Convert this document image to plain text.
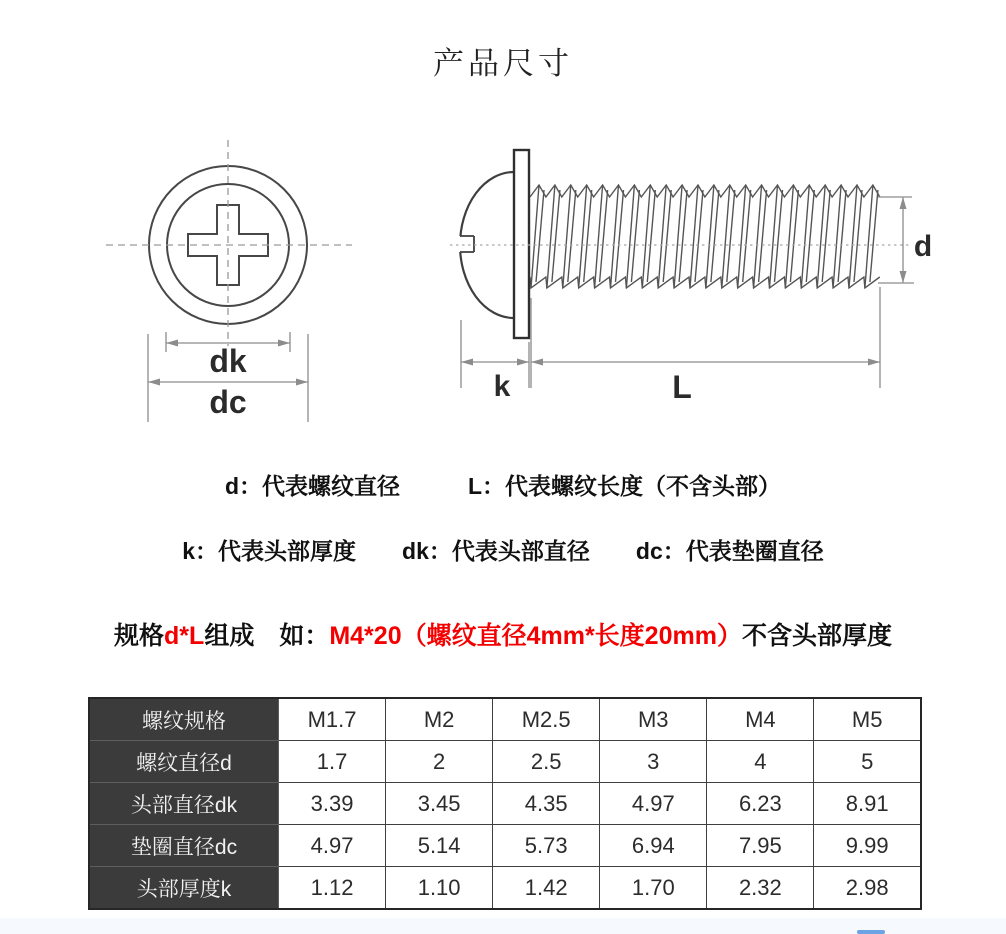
产品尺寸
dk
dc	k	L
d
d：代表螺纹直径	L：代表螺纹长度（不含头部）
k：代表头部厚度 dk：代表头部直径 dc：代表垫圈直径
规格d*L组成　如：M4*20（螺纹直径4mm*长度20mm）不含头部厚度
螺纹规格	M1.7	M2	M2.5	M3	M4	M5
螺纹直径d	1.7	2	2.5	3	4	5
头部直径dk	3.39	3.45	4.35	4.97	6.23	8.91
垫圈直径dc	4.97	5.14	5.73	6.94	7.95	9.99
头部厚度k	1.12	1.10	1.42	1.70	2.32	2.98
